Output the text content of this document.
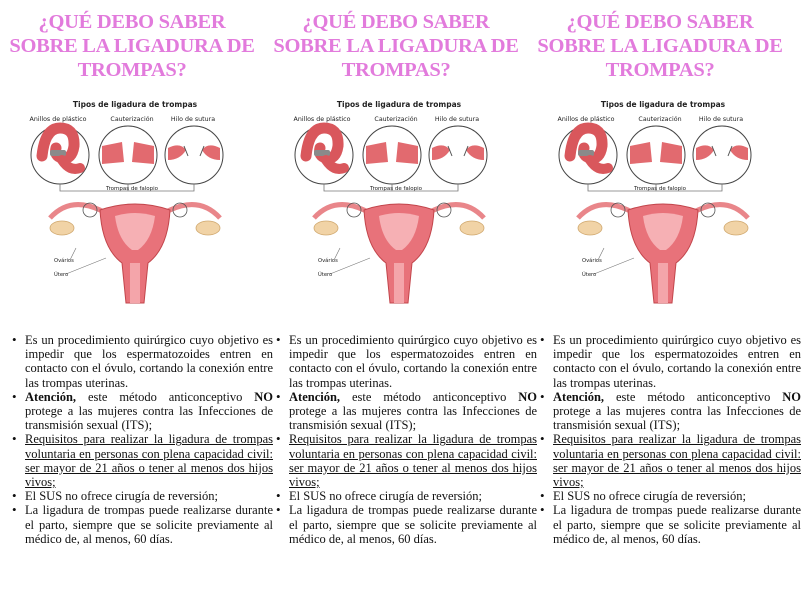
¿QUÉ DEBO SABER
SOBRE LA LIGADURA DE
TROMPAS?
Tipos de ligadura de trompas
Anillos de plástico	Cauterización	Hilo de sutura
Trompas de falopio
Ovários
Útero
• Es un procedimiento quirúrgico cuyo objetivo es impedir que los espermatozoides entren en contacto con el óvulo, cortando la conexión entre las trompas uterinas.
• Atención, este método anticonceptivo NO protege a las mujeres contra las Infecciones de transmisión sexual (ITS);
• Requisitos para realizar la ligadura de trompas voluntaria en personas con plena capacidad civil: ser mayor de 21 años o tener al menos dos hijos vivos;
• El SUS no ofrece cirugía de reversión;
• La ligadura de trompas puede realizarse durante el parto, siempre que se solicite previamente al médico de, al menos, 60 días.
¿QUÉ DEBO SABER
SOBRE LA LIGADURA DE
TROMPAS?
Tipos de ligadura de trompas
Anillos de plástico	Cauterización	Hilo de sutura
Trompas de falopio
Ovários
Útero
• Es un procedimiento quirúrgico cuyo objetivo es impedir que los espermatozoides entren en contacto con el óvulo, cortando la conexión entre las trompas uterinas.
• Atención, este método anticonceptivo NO protege a las mujeres contra las Infecciones de transmisión sexual (ITS);
• Requisitos para realizar la ligadura de trompas voluntaria en personas con plena capacidad civil: ser mayor de 21 años o tener al menos dos hijos vivos;
• El SUS no ofrece cirugía de reversión;
• La ligadura de trompas puede realizarse durante el parto, siempre que se solicite previamente al médico de, al menos, 60 días.
¿QUÉ DEBO SABER
SOBRE LA LIGADURA DE
TROMPAS?
Tipos de ligadura de trompas
Anillos de plástico	Cauterización	Hilo de sutura
Trompas de falopio
Ovários
Útero
• Es un procedimiento quirúrgico cuyo objetivo es impedir que los espermatozoides entren en contacto con el óvulo, cortando la conexión entre las trompas uterinas.
• Atención, este método anticonceptivo NO protege a las mujeres contra las Infecciones de transmisión sexual (ITS);
• Requisitos para realizar la ligadura de trompas voluntaria en personas con plena capacidad civil: ser mayor de 21 años o tener al menos dos hijos vivos;
• El SUS no ofrece cirugía de reversión;
• La ligadura de trompas puede realizarse durante el parto, siempre que se solicite previamente al médico de, al menos, 60 días.
